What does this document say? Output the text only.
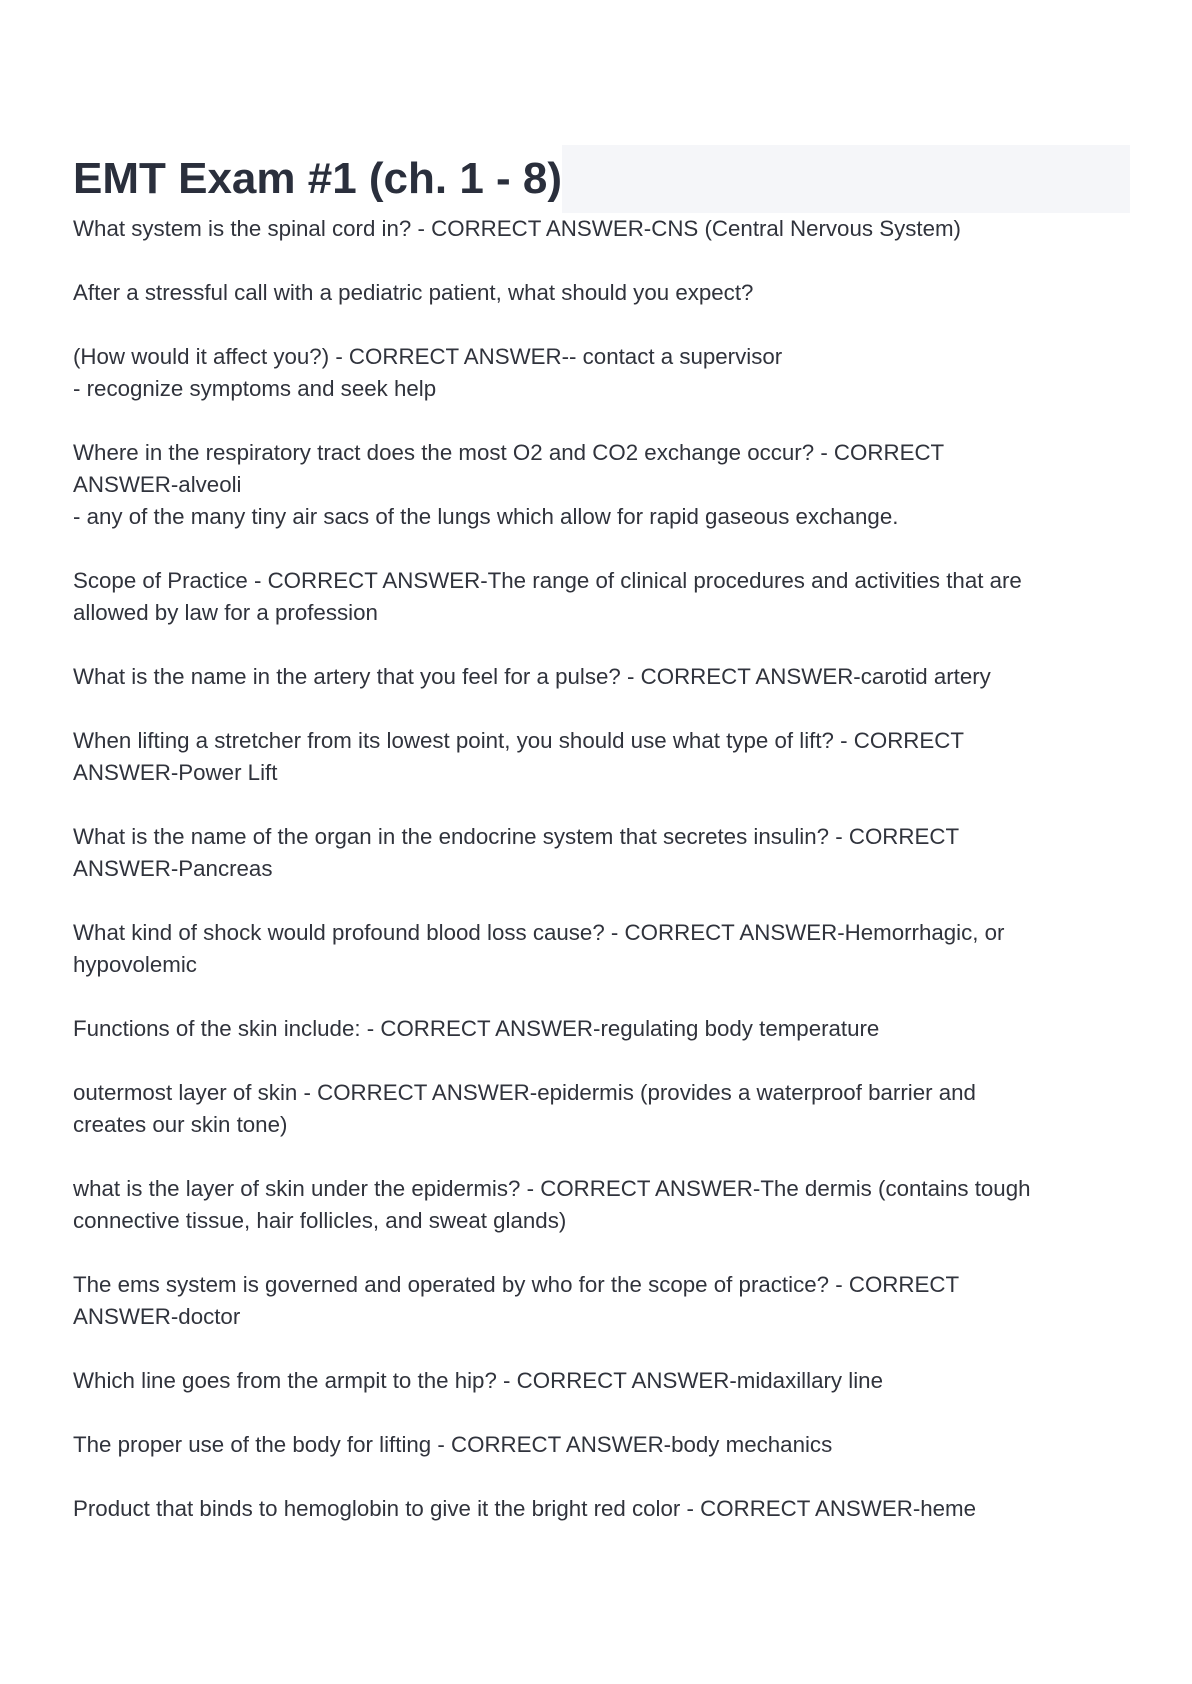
EMT Exam #1 (ch. 1 - 8)
What system is the spinal cord in? - CORRECT ANSWER-CNS (Central Nervous System)
After a stressful call with a pediatric patient, what should you expect?
(How would it affect you?) - CORRECT ANSWER-- contact a supervisor
- recognize symptoms and seek help
Where in the respiratory tract does the most O2 and CO2 exchange occur? - CORRECT
ANSWER-alveoli
- any of the many tiny air sacs of the lungs which allow for rapid gaseous exchange.
Scope of Practice - CORRECT ANSWER-The range of clinical procedures and activities that are
allowed by law for a profession
What is the name in the artery that you feel for a pulse? - CORRECT ANSWER-carotid artery
When lifting a stretcher from its lowest point, you should use what type of lift? - CORRECT
ANSWER-Power Lift
What is the name of the organ in the endocrine system that secretes insulin? - CORRECT
ANSWER-Pancreas
What kind of shock would profound blood loss cause? - CORRECT ANSWER-Hemorrhagic, or
hypovolemic
Functions of the skin include: - CORRECT ANSWER-regulating body temperature
outermost layer of skin - CORRECT ANSWER-epidermis (provides a waterproof barrier and
creates our skin tone)
what is the layer of skin under the epidermis? - CORRECT ANSWER-The dermis (contains tough
connective tissue, hair follicles, and sweat glands)
The ems system is governed and operated by who for the scope of practice? - CORRECT
ANSWER-doctor
Which line goes from the armpit to the hip? - CORRECT ANSWER-midaxillary line
The proper use of the body for lifting - CORRECT ANSWER-body mechanics
Product that binds to hemoglobin to give it the bright red color - CORRECT ANSWER-heme
